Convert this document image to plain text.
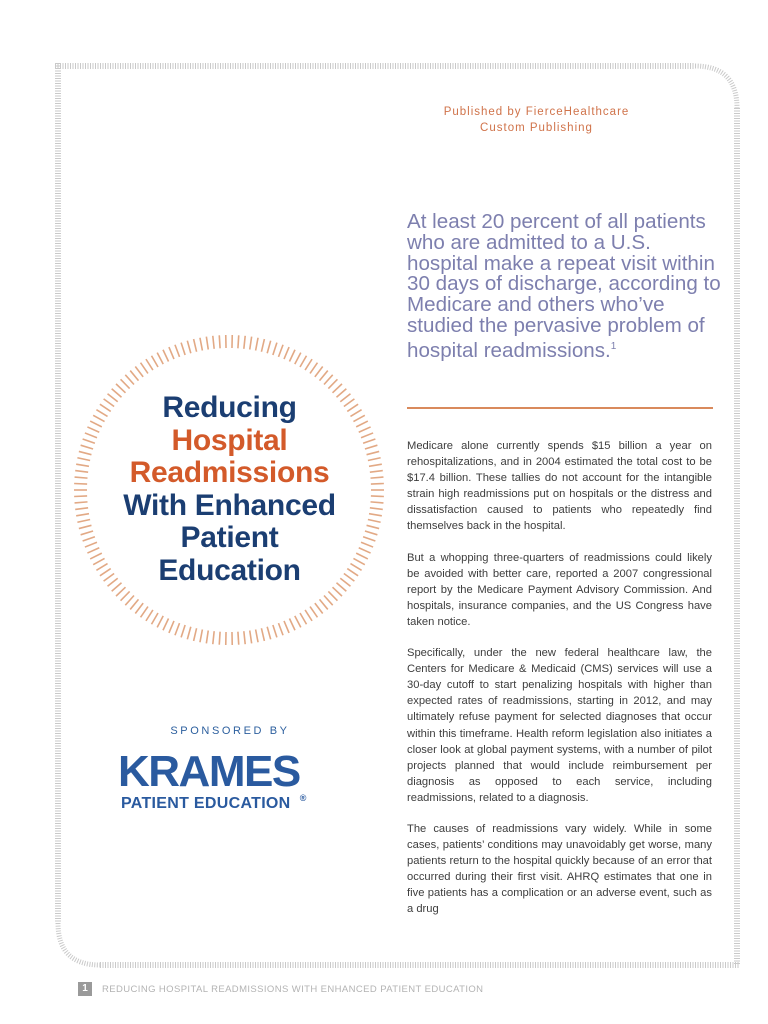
Published by FierceHealthcare
Custom Publishing
At least 20 percent of all patients who are admitted to a U.S. hospital make a repeat visit within 30 days of discharge, according to Medicare and others who’ve studied the pervasive problem of hospital readmissions.$^1$

Medicare alone currently spends $15 billion a year on rehospitalizations, and in 2004 estimated the total cost to be $17.4 billion. These tallies do not account for the intangible strain high readmissions put on hospitals or the distress and dissatisfaction caused to patients who repeatedly find themselves back in the hospital.

But a whopping three-quarters of readmissions could likely be avoided with better care, reported a 2007 congressional report by the Medicare Payment Advisory Commission. And hospitals, insurance companies, and the US Congress have taken notice.

Specifically, under the new federal healthcare law, the Centers for Medicare & Medicaid (CMS) services will use a 30-day cutoff to start penalizing hospitals with higher than expected rates of readmissions, starting in 2012, and may ultimately refuse payment for selected diagnoses that occur within this timeframe. Health reform legislation also initiates a closer look at global payment systems, with a number of pilot projects planned that would include reimbursement per diagnosis as opposed to each service, including readmissions, related to a diagnosis.

The causes of readmissions vary widely. While in some cases, patients’ conditions may unavoidably get worse, many patients return to the hospital quickly because of an error that occurred during their first visit. AHRQ estimates that one in five patients has a complication or an adverse event, such as a drug

Reducing
Hospital
Readmissions
With Enhanced
Patient
Education
SPONSORED BY
KRAMES®
PATIENT EDUCATION
1	REDUCING HOSPITAL READMISSIONS WITH ENHANCED PATIENT EDUCATION
